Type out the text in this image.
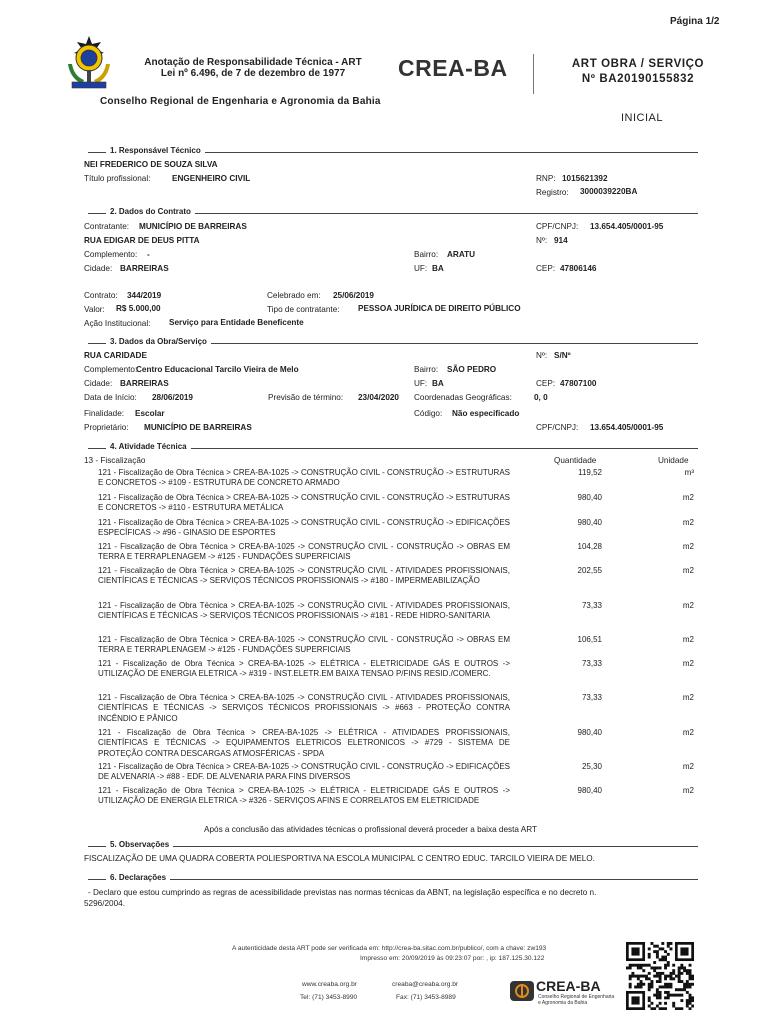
Página 1/2
Anotação de Responsabilidade Técnica - ART
Lei nº 6.496, de 7 de dezembro de 1977	CREA-BA	ART OBRA / SERVIÇO
Nº BA20190155832
Conselho Regional de Engenharia e Agronomia da Bahia
INICIAL
1. Responsável Técnico
NEI FREDERICO DE SOUZA SILVA
Título profissional:	ENGENHEIRO CIVIL	RNP: 1015621392
Registro: 3000039220BA
2. Dados do Contrato
Contratante: MUNICÍPIO DE BARREIRAS	CPF/CNPJ: 13.654.405/0001-95
RUA EDIGAR DE DEUS PITTA	Nº: 914
Complemento: -	Bairro: ARATU
Cidade: BARREIRAS	UF: BA	CEP: 47806146
Contrato: 344/2019	Celebrado em: 25/06/2019
Valor: R$ 5.000,00	Tipo de contratante: PESSOA JURÍDICA DE DIREITO PÚBLICO
Ação Institucional: Serviço para Entidade Beneficente
3. Dados da Obra/Serviço
RUA CARIDADE	Nº: S/Nº
Complemento:
Centro Educacional Tarcilo Vieira de Melo	Bairro: SÃO PEDRO
Cidade: BARREIRAS	UF: BA	CEP: 47807100
Data de Início: 28/06/2019	Previsão de término: 23/04/2020 Coordenadas Geográficas:	0, 0
Finalidade: Escolar	Código: Não especificado
Proprietário: MUNICÍPIO DE BARREIRAS	CPF/CNPJ: 13.654.405/0001-95
4. Atividade Técnica
13 - Fiscalização	Quantidade	Unidade
121 - Fiscalização de Obra Técnica > CREA-BA-1025 -> CONSTRUÇÃO CIVIL - CONSTRUÇÃO -> ESTRUTURAS E CONCRETOS -> #109 - ESTRUTURA DE CONCRETO ARMADO
119,52	m³
121 - Fiscalização de Obra Técnica > CREA-BA-1025 -> CONSTRUÇÃO CIVIL - CONSTRUÇÃO -> ESTRUTURAS E CONCRETOS -> #110 - ESTRUTURA METÁLICA
980,40	m2
121 - Fiscalização de Obra Técnica > CREA-BA-1025 -> CONSTRUÇÃO CIVIL - CONSTRUÇÃO -> EDIFICAÇÕES ESPECÍFICAS -> #96 - GINASIO DE ESPORTES
980,40	m2
121 - Fiscalização de Obra Técnica > CREA-BA-1025 -> CONSTRUÇÃO CIVIL - CONSTRUÇÃO -> OBRAS EM TERRA E TERRAPLENAGEM -> #125 - FUNDAÇÕES SUPERFICIAIS
104,28	m2
121 - Fiscalização de Obra Técnica > CREA-BA-1025 -> CONSTRUÇÃO CIVIL - ATIVIDADES PROFISSIONAIS, CIENTÍFICAS E TÉCNICAS -> SERVIÇOS TÉCNICOS PROFISSIONAIS -> #180 - IMPERMEABILIZAÇÃO
202,55	m2
121 - Fiscalização de Obra Técnica > CREA-BA-1025 -> CONSTRUÇÃO CIVIL - ATIVIDADES PROFISSIONAIS, CIENTÍFICAS E TÉCNICAS -> SERVIÇOS TÉCNICOS PROFISSIONAIS -> #181 - REDE HIDRO-SANITARIA
73,33	m2
121 - Fiscalização de Obra Técnica > CREA-BA-1025 -> CONSTRUÇÃO CIVIL - CONSTRUÇÃO -> OBRAS EM TERRA E TERRAPLENAGEM -> #125 - FUNDAÇÕES SUPERFICIAIS
106,51	m2
121 - Fiscalização de Obra Técnica > CREA-BA-1025 -> ELÉTRICA - ELETRICIDADE GÁS E OUTROS -> UTILIZAÇÃO DE ENERGIA ELETRICA -> #319 - INST.ELETR.EM BAIXA TENSAO P/FINS RESID./COMERC.
73,33	m2
121 - Fiscalização de Obra Técnica > CREA-BA-1025 -> CONSTRUÇÃO CIVIL - ATIVIDADES PROFISSIONAIS, CIENTÍFICAS E TÉCNICAS -> SERVIÇOS TÉCNICOS PROFISSIONAIS -> #663 - PROTEÇÃO CONTRA INCÊNDIO E PÂNICO
73,33	m2
121 - Fiscalização de Obra Técnica > CREA-BA-1025 -> ELÉTRICA - ATIVIDADES PROFISSIONAIS, CIENTÍFICAS E TÉCNICAS -> EQUIPAMENTOS ELETRICOS ELETRONICOS -> #729 - SISTEMA DE PROTEÇÃO CONTRA DESCARGAS ATMOSFÉRICAS - SPDA
980,40	m2
121 - Fiscalização de Obra Técnica > CREA-BA-1025 -> CONSTRUÇÃO CIVIL - CONSTRUÇÃO -> EDIFICAÇÕES DE ALVENARIA -> #88 - EDF. DE ALVENARIA PARA FINS DIVERSOS
25,30	m2
121 - Fiscalização de Obra Técnica > CREA-BA-1025 -> ELÉTRICA - ELETRICIDADE GÁS E OUTROS -> UTILIZAÇÃO DE ENERGIA ELETRICA -> #326 - SERVIÇOS AFINS E CORRELATOS EM ELETRICIDADE
980,40	m2
Após a conclusão das atividades técnicas o profissional deverá proceder a baixa desta ART
5. Observações
FISCALIZAÇÃO DE UMA QUADRA COBERTA POLIESPORTIVA NA ESCOLA MUNICIPAL C CENTRO EDUC. TARCILO VIEIRA DE MELO.
6. Declarações
- Declaro que estou cumprindo as regras de acessibilidade previstas nas normas técnicas da ABNT, na legislação específica e no decreto n.
5296/2004.
A autenticidade desta ART pode ser verificada em: http://crea-ba.sitac.com.br/publico/, com a chave: zw193
Impresso em: 20/09/2019 às 09:23:07 por: , ip: 187.125.30.122
www.creaba.org.br	creaba@creaba.org.br
Tel: (71) 3453-8990	Fax: (71) 3453-8989
CREA-BA
Conselho Regional de Engenharia
e Agronomia da Bahia
